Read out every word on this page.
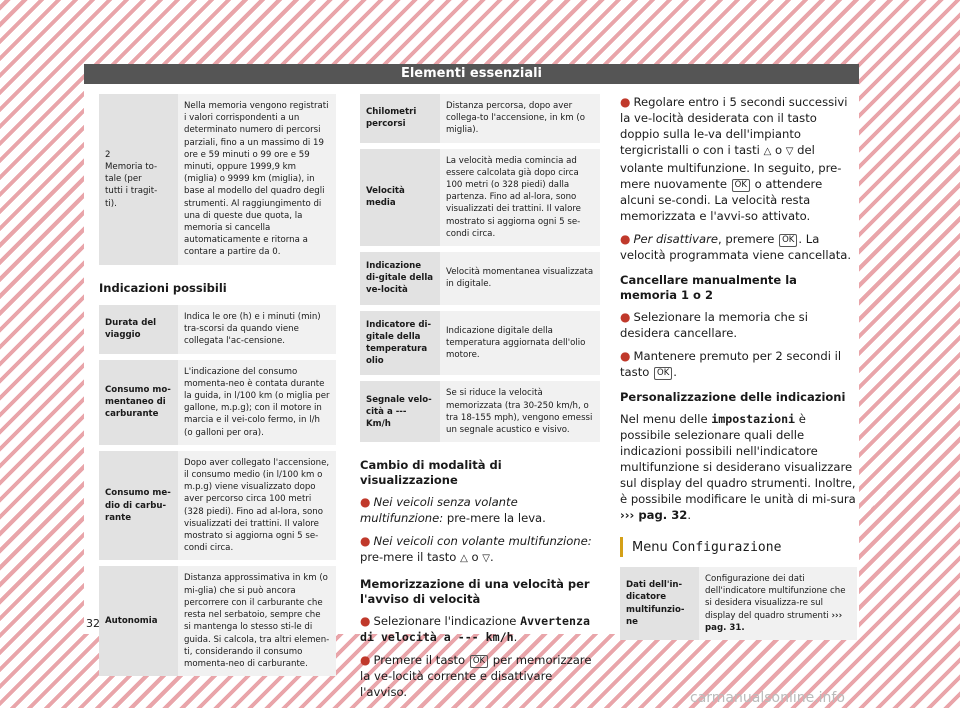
Elementi essenziali
2
Memoria to-
tale (per
tutti i tragit-
ti).	Nella memoria vengono registrati i valori corrispondenti a un determinato numero di percorsi parziali, fino a un massimo di 19 ore e 59 minuti o 99 ore e 59 minuti, oppure 1999,9 km (miglia) o 9999 km (miglia), in base al modello del quadro degli strumenti. Al raggiungimento di una di queste due quota, la memoria si cancella automaticamente e ritorna a contare a partire da 0.
Indicazioni possibili
Durata del viaggio	Indica le ore (h) e i minuti (min) tra-scorsi da quando viene collegata l'ac-censione.
Consumo mo-mentaneo di carburante	L'indicazione del consumo momenta-neo è contata durante la guida, in l/100 km (o miglia per gallone, m.p.g); con il motore in marcia e il vei-colo fermo, in l/h (o galloni per ora).
Consumo me-dio di carbu-rante	Dopo aver collegato l'accensione, il consumo medio (in l/100 km o m.p.g) viene visualizzato dopo aver percorso circa 100 metri (328 piedi). Fino ad al-lora, sono visualizzati dei trattini. Il valore mostrato si aggiorna ogni 5 se-condi circa.
Autonomia	Distanza approssimativa in km (o mi-glia) che si può ancora percorrere con il carburante che resta nel serbatoio, sempre che si mantenga lo stesso sti-le di guida. Si calcola, tra altri elemen-ti, considerando il consumo momenta-neo di carburante.
Chilometri percorsi	Distanza percorsa, dopo aver collega-to l'accensione, in km (o miglia).
Velocità media	La velocità media comincia ad essere calcolata già dopo circa 100 metri (o 328 piedi) dalla partenza. Fino ad al-lora, sono visualizzati dei trattini. Il valore mostrato si aggiorna ogni 5 se-condi circa.
Indicazione di-gitale della ve-locità	Velocità momentanea visualizzata in digitale.
Indicatore di-gitale della temperatura olio	Indicazione digitale della temperatura aggiornata dell'olio motore.
Segnale velo-cità a --- Km/h	Se si riduce la velocità memorizzata (tra 30-250 km/h, o tra 18-155 mph), vengono emessi un segnale acustico e visivo.
Cambio di modalità di visualizzazione

● Nei veicoli senza volante multifunzione: pre-mere la leva.

● Nei veicoli con volante multifunzione: pre-mere il tasto △ o ▽.

Memorizzazione di una velocità per l'avviso di velocità

● Selezionare l'indicazione Avvertenza di velocità a --- km/h.

● Premere il tasto OK per memorizzare la ve-locità corrente e disattivare l'avviso.

● Regolare entro i 5 secondi successivi la ve-locità desiderata con il tasto doppio sulla le-va dell'impianto tergicristalli o con i tasti △ o ▽ del volante multifunzione. In seguito, pre-mere nuovamente OK o attendere alcuni se-condi. La velocità resta memorizzata e l'avvi-so attivato.

● Per disattivare, premere OK . La velocità programmata viene cancellata.

Cancellare manualmente la memoria 1 o 2

● Selezionare la memoria che si desidera cancellare.

● Mantenere premuto per 2 secondi il tasto OK .

Personalizzazione delle indicazioni

Nel menu delle impostazioni è possibile selezionare quali delle indicazioni possibili nell'indicatore multifunzione si desiderano visualizzare sul display del quadro strumenti. Inoltre, è possibile modificare le unità di mi-sura ››› pag. 32.

Menu Configurazione
Dati dell'in-dicatore multifunzio-ne	Configurazione dei dati dell'indicatore multifunzione che si desidera visualizza-re sul display del quadro strumenti ››› pag. 31.
32
carmanualsonline.info
